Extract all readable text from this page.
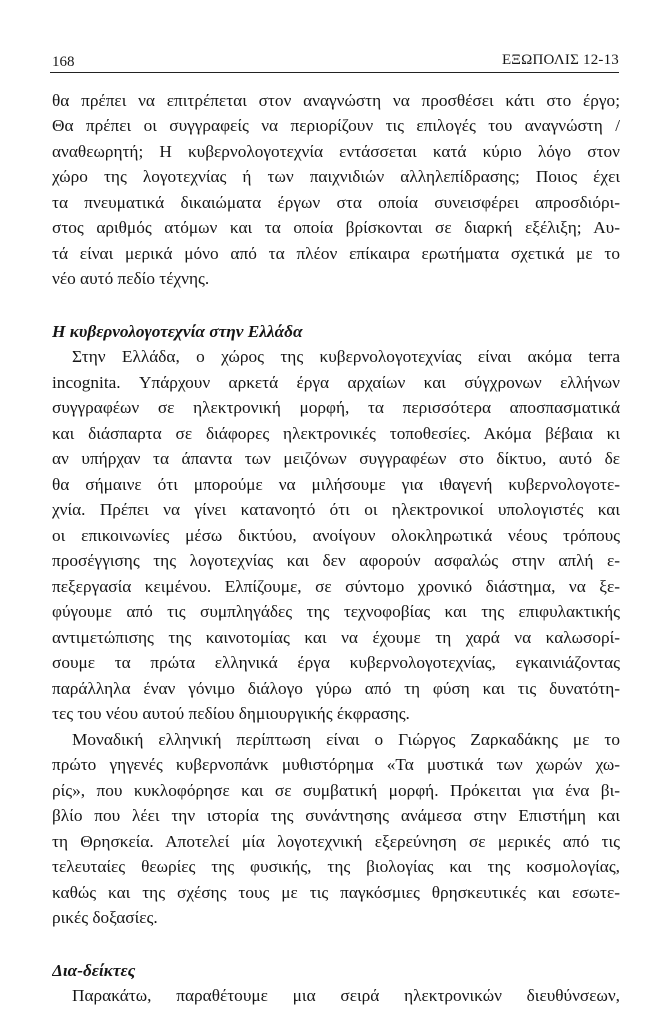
168	ΕΞΩΠΟΛΙΣ 12-13
θα πρέπει να επιτρέπεται στον αναγνώστη να προσθέσει κάτι στο έργο;
Θα πρέπει οι συγγραφείς να περιορίζουν τις επιλογές του αναγνώστη /
αναθεωρητή; Η κυβερνολογοτεχνία εντάσσεται κατά κύριο λόγο στον
χώρο της λογοτεχνίας ή των παιχνιδιών αλληλεπίδρασης; Ποιος έχει
τα πνευματικά δικαιώματα έργων στα οποία συνεισφέρει απροσδιόρι-
στος αριθμός ατόμων και τα οποία βρίσκονται σε διαρκή εξέλιξη; Αυ-
τά είναι μερικά μόνο από τα πλέον επίκαιρα ερωτήματα σχετικά με το
νέο αυτό πεδίο τέχνης.
Η κυβερνολογοτεχνία στην Ελλάδα
Στην Ελλάδα, ο χώρος της κυβερνολογοτεχνίας είναι ακόμα terra
incognita. Υπάρχουν αρκετά έργα αρχαίων και σύγχρονων ελλήνων
συγγραφέων σε ηλεκτρονική μορφή, τα περισσότερα αποσπασματικά
και διάσπαρτα σε διάφορες ηλεκτρονικές τοποθεσίες. Ακόμα βέβαια κι
αν υπήρχαν τα άπαντα των μειζόνων συγγραφέων στο δίκτυο, αυτό δε
θα σήμαινε ότι μπορούμε να μιλήσουμε για ιθαγενή κυβερνολογοτε-
χνία. Πρέπει να γίνει κατανοητό ότι οι ηλεκτρονικοί υπολογιστές και
οι επικοινωνίες μέσω δικτύου, ανοίγουν ολοκληρωτικά νέους τρόπους
προσέγγισης της λογοτεχνίας και δεν αφορούν ασφαλώς στην απλή ε-
πεξεργασία κειμένου. Ελπίζουμε, σε σύντομο χρονικό διάστημα, να ξε-
φύγουμε από τις συμπληγάδες της τεχνοφοβίας και της επιφυλακτικής
αντιμετώπισης της καινοτομίας και να έχουμε τη χαρά να καλωσορί-
σουμε τα πρώτα ελληνικά έργα κυβερνολογοτεχνίας, εγκαινιάζοντας
παράλληλα έναν γόνιμο διάλογο γύρω από τη φύση και τις δυνατότη-
τες του νέου αυτού πεδίου δημιουργικής έκφρασης.
Μοναδική ελληνική περίπτωση είναι ο Γιώργος Ζαρκαδάκης με το
πρώτο γηγενές κυβερνοπάνκ μυθιστόρημα «Τα μυστικά των χωρών χω-
ρίς», που κυκλοφόρησε και σε συμβατική μορφή. Πρόκειται για ένα βι-
βλίο που λέει την ιστορία της συνάντησης ανάμεσα στην Επιστήμη και
τη Θρησκεία. Αποτελεί μία λογοτεχνική εξερεύνηση σε μερικές από τις
τελευταίες θεωρίες της φυσικής, της βιολογίας και της κοσμολογίας,
καθώς και της σχέσης τους με τις παγκόσμιες θρησκευτικές και εσωτε-
ρικές δοξασίες.
Δια-δείκτες
Παρακάτω, παραθέτουμε μια σειρά ηλεκτρονικών διευθύνσεων,
